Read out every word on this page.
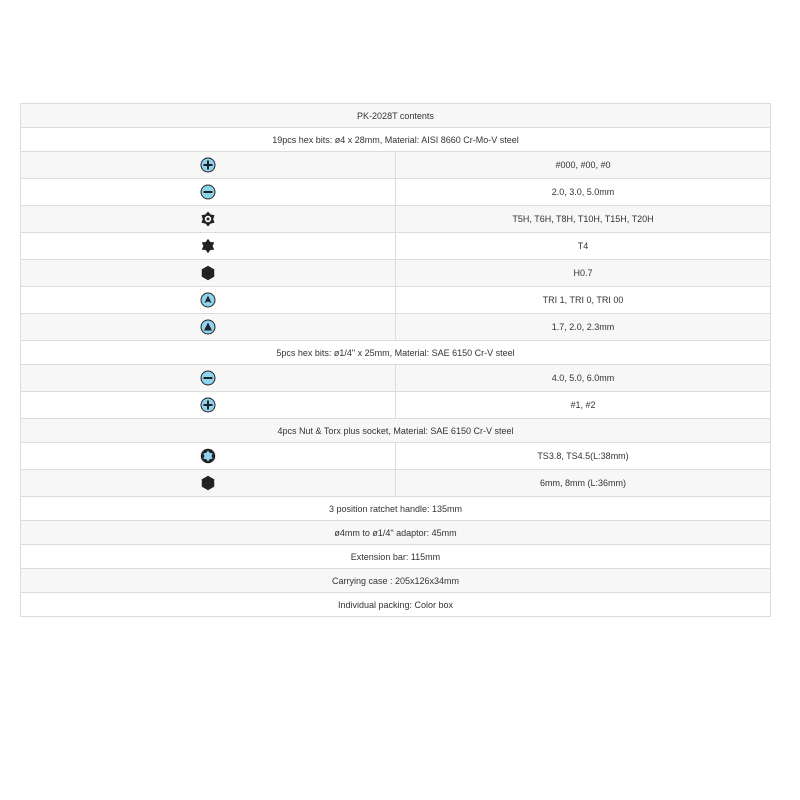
PK-2028T contents	
19pcs hex bits: ø4 x 28mm, Material: AISI 8660 Cr-Mo-V steel	

	#000, #00, #0

	2.0, 3.0, 5.0mm

	T5H, T6H, T8H, T10H, T15H, T20H

	T4

	H0.7

	TRI 1, TRI 0, TRI 00

	1.7, 2.0, 2.3mm
5pcs hex bits: ø1/4" x 25mm, Material: SAE 6150 Cr-V steel	

	4.0, 5.0, 6.0mm

	#1, #2
4pcs Nut & Torx plus socket, Material: SAE 6150 Cr-V steel	

	TS3.8, TS4.5(L:38mm)

	6mm, 8mm (L:36mm)
3 position ratchet handle: 135mm	
ø4mm to ø1/4" adaptor: 45mm	
Extension bar: 115mm	
Carrying case : 205x126x34mm	
Individual packing: Color box	
